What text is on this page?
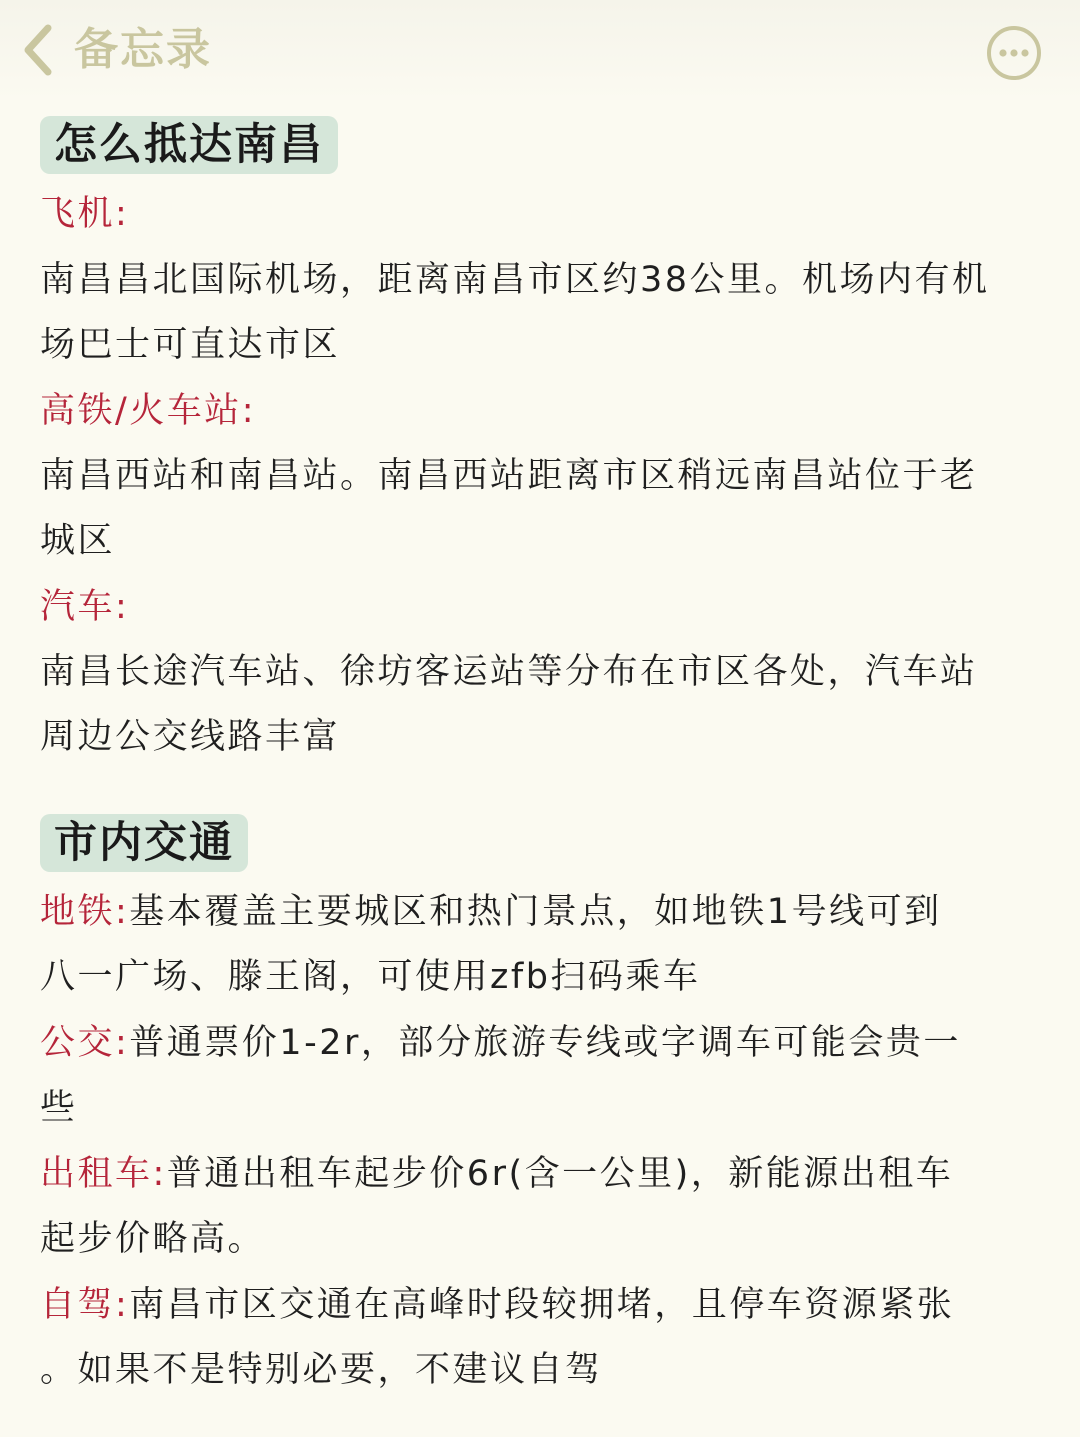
备忘录
怎么抵达南昌
飞机:
南昌昌北国际机场，距离南昌市区约38公里。机场内有机
场巴士可直达市区
高铁/火车站:
南昌西站和南昌站。南昌西站距离市区稍远南昌站位于老
城区
汽车:
南昌长途汽车站、徐坊客运站等分布在市区各处，汽车站
周边公交线路丰富
市内交通
地铁:基本覆盖主要城区和热门景点，如地铁1号线可到
八一广场、滕王阁，可使用zfb扫码乘车
公交:普通票价1-2r，部分旅游专线或字调车可能会贵一
些
出租车:普通出租车起步价6r(含一公里)，新能源出租车
起步价略高。
自驾:南昌市区交通在高峰时段较拥堵，且停车资源紧张
。如果不是特别必要，不建议自驾
